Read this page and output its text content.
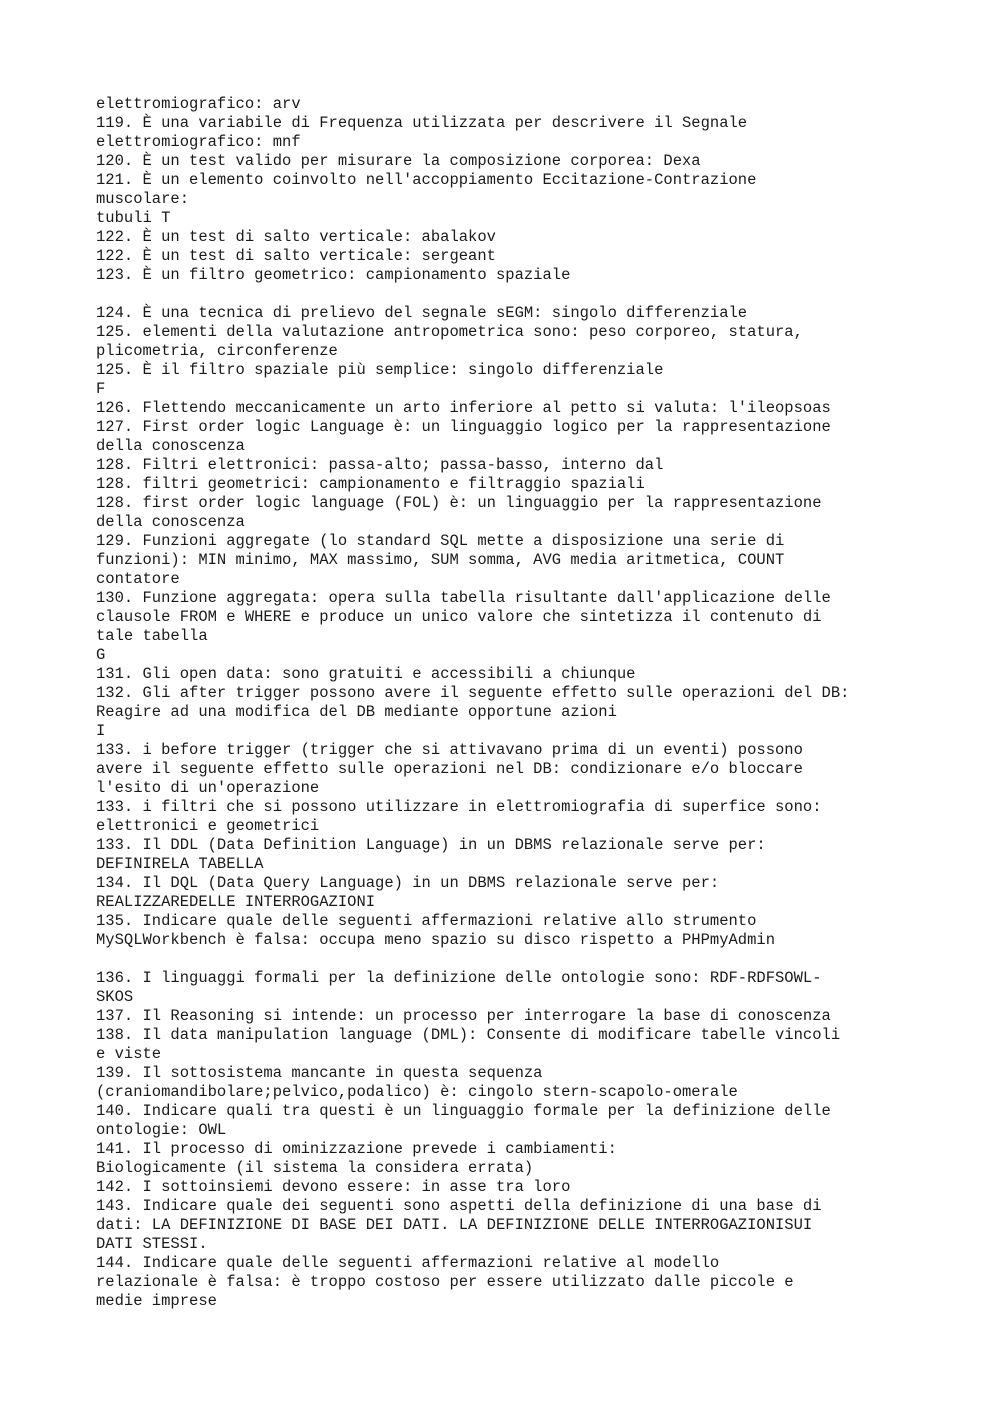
elettromiografico: arv
119. È una variabile di Frequenza utilizzata per descrivere il Segnale
elettromiografico: mnf
120. È un test valido per misurare la composizione corporea: Dexa
121. È un elemento coinvolto nell'accoppiamento Eccitazione-Contrazione
muscolare:
tubuli T
122. È un test di salto verticale: abalakov
122. È un test di salto verticale: sergeant
123. È un filtro geometrico: campionamento spaziale
124. È una tecnica di prelievo del segnale sEGM: singolo differenziale
125. elementi della valutazione antropometrica sono: peso corporeo, statura,
plicometria, circonferenze
125. È il filtro spaziale più semplice: singolo differenziale
F
126. Flettendo meccanicamente un arto inferiore al petto si valuta: l'ileopsoas
127. First order logic Language è: un linguaggio logico per la rappresentazione
della conoscenza
128. Filtri elettronici: passa-alto; passa-basso, interno dal
128. filtri geometrici: campionamento e filtraggio spaziali
128. first order logic language (FOL) è: un linguaggio per la rappresentazione
della conoscenza
129. Funzioni aggregate (lo standard SQL mette a disposizione una serie di
funzioni): MIN minimo, MAX massimo, SUM somma, AVG media aritmetica, COUNT
contatore
130. Funzione aggregata: opera sulla tabella risultante dall'applicazione delle
clausole FROM e WHERE e produce un unico valore che sintetizza il contenuto di
tale tabella
G
131. Gli open data: sono gratuiti e accessibili a chiunque
132. Gli after trigger possono avere il seguente effetto sulle operazioni del DB:
Reagire ad una modifica del DB mediante opportune azioni
I
133. i before trigger (trigger che si attivavano prima di un eventi) possono
avere il seguente effetto sulle operazioni nel DB: condizionare e/o bloccare
l'esito di un'operazione
133. i filtri che si possono utilizzare in elettromiografia di superfice sono:
elettronici e geometrici
133. Il DDL (Data Definition Language) in un DBMS relazionale serve per:
DEFINIRELA TABELLA
134. Il DQL (Data Query Language) in un DBMS relazionale serve per:
REALIZZAREDELLE INTERROGAZIONI
135. Indicare quale delle seguenti affermazioni relative allo strumento
MySQLWorkbench è falsa: occupa meno spazio su disco rispetto a PHPmyAdmin
136. I linguaggi formali per la definizione delle ontologie sono: RDF-RDFSOWL-
SKOS
137. Il Reasoning si intende: un processo per interrogare la base di conoscenza
138. Il data manipulation language (DML): Consente di modificare tabelle vincoli
e viste
139. Il sottosistema mancante in questa sequenza
(craniomandibolare;pelvico,podalico) è: cingolo stern-scapolo-omerale
140. Indicare quali tra questi è un linguaggio formale per la definizione delle
ontologie: OWL
141. Il processo di ominizzazione prevede i cambiamenti:
Biologicamente (il sistema la considera errata)
142. I sottoinsiemi devono essere: in asse tra loro
143. Indicare quale dei seguenti sono aspetti della definizione di una base di
dati: LA DEFINIZIONE DI BASE DEI DATI. LA DEFINIZIONE DELLE INTERROGAZIONISUI
DATI STESSI.
144. Indicare quale delle seguenti affermazioni relative al modello
relazionale è falsa: è troppo costoso per essere utilizzato dalle piccole e
medie imprese
